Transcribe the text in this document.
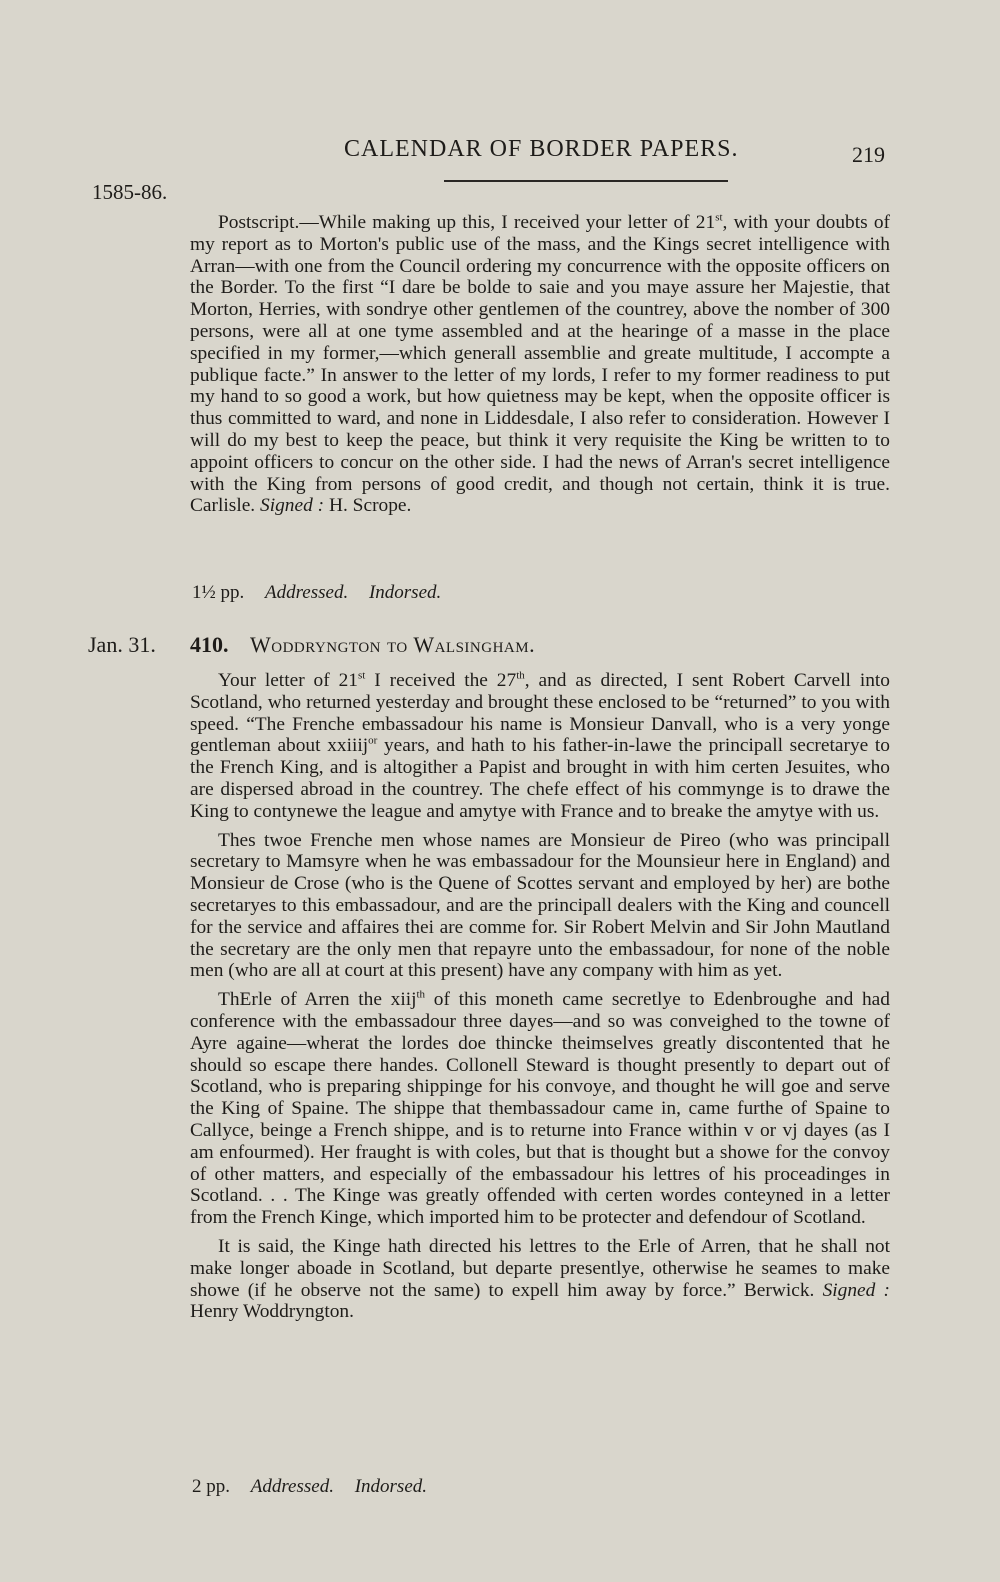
CALENDAR OF BORDER PAPERS.	219
1585-86.

Postscript.—While making up this, I received your letter of 21st, with your doubts of my report as to Morton's public use of the mass, and the Kings secret intelligence with Arran—with one from the Council ordering my concurrence with the opposite officers on the Border. To the first “I dare be bolde to saie and you maye assure her Majestie, that Morton, Herries, with sondrye other gentlemen of the countrey, above the nomber of 300 persons, were all at one tyme assembled and at the hearinge of a masse in the place specified in my former,—which generall assemblie and greate multitude, I accompte a publique facte.” In answer to the letter of my lords, I refer to my former readiness to put my hand to so good a work, but how quietness may be kept, when the opposite officer is thus committed to ward, and none in Liddesdale, I also refer to consideration. However I will do my best to keep the peace, but think it very requisite the King be written to to appoint officers to concur on the other side. I had the news of Arran's secret intelligence with the King from persons of good credit, and though not certain, think it is true. Carlisle. Signed : H. Scrope.

1½ pp. Addressed. Indorsed.
Jan. 31. 410. Woddryngton to Walsingham.

Your letter of 21st I received the 27th, and as directed, I sent Robert Carvell into Scotland, who returned yesterday and brought these enclosed to be “returned” to you with speed. “The Frenche embassadour his name is Monsieur Danvall, who is a very yonge gentleman about xxiiij$^{or}$ years, and hath to his father-in-lawe the principall secretarye to the French King, and is altogither a Papist and brought in with him certen Jesuites, who are dispersed abroad in the countrey. The chefe effect of his commynge is to drawe the King to contynewe the league and amytye with France and to breake the amytye with us.

Thes twoe Frenche men whose names are Monsieur de Pireo (who was principall secretary to Mamsyre when he was embassadour for the Mounsieur here in England) and Monsieur de Crose (who is the Quene of Scottes servant and employed by her) are bothe secretaryes to this embassadour, and are the principall dealers with the King and councell for the service and affaires thei are comme for. Sir Robert Melvin and Sir John Mautland the secretary are the only men that repayre unto the embassadour, for none of the noble men (who are all at court at this present) have any company with him as yet.

ThErle of Arren the xiij$^{th}$ of this moneth came secretlye to Edenbroughe and had conference with the embassadour three dayes—and so was conveighed to the towne of Ayre againe—wherat the lordes doe thincke theimselves greatly discontented that he should so escape there handes. Collonell Steward is thought presently to depart out of Scotland, who is preparing shippinge for his convoye, and thought he will goe and serve the King of Spaine. The shippe that thembassadour came in, came furthe of Spaine to Callyce, beinge a French shippe, and is to returne into France within v or vj dayes (as I am enfourmed). Her fraught is with coles, but that is thought but a showe for the convoy of other matters, and especially of the embassadour his lettres of his proceadinges in Scotland. . . The Kinge was greatly offended with certen wordes conteyned in a letter from the French Kinge, which imported him to be protecter and defendour of Scotland.

It is said, the Kinge hath directed his lettres to the Erle of Arren, that he shall not make longer aboade in Scotland, but departe presentlye, otherwise he seames to make showe (if he observe not the same) to expell him away by force.” Berwick. Signed : Henry Woddryngton.

2 pp. Addressed. Indorsed.
